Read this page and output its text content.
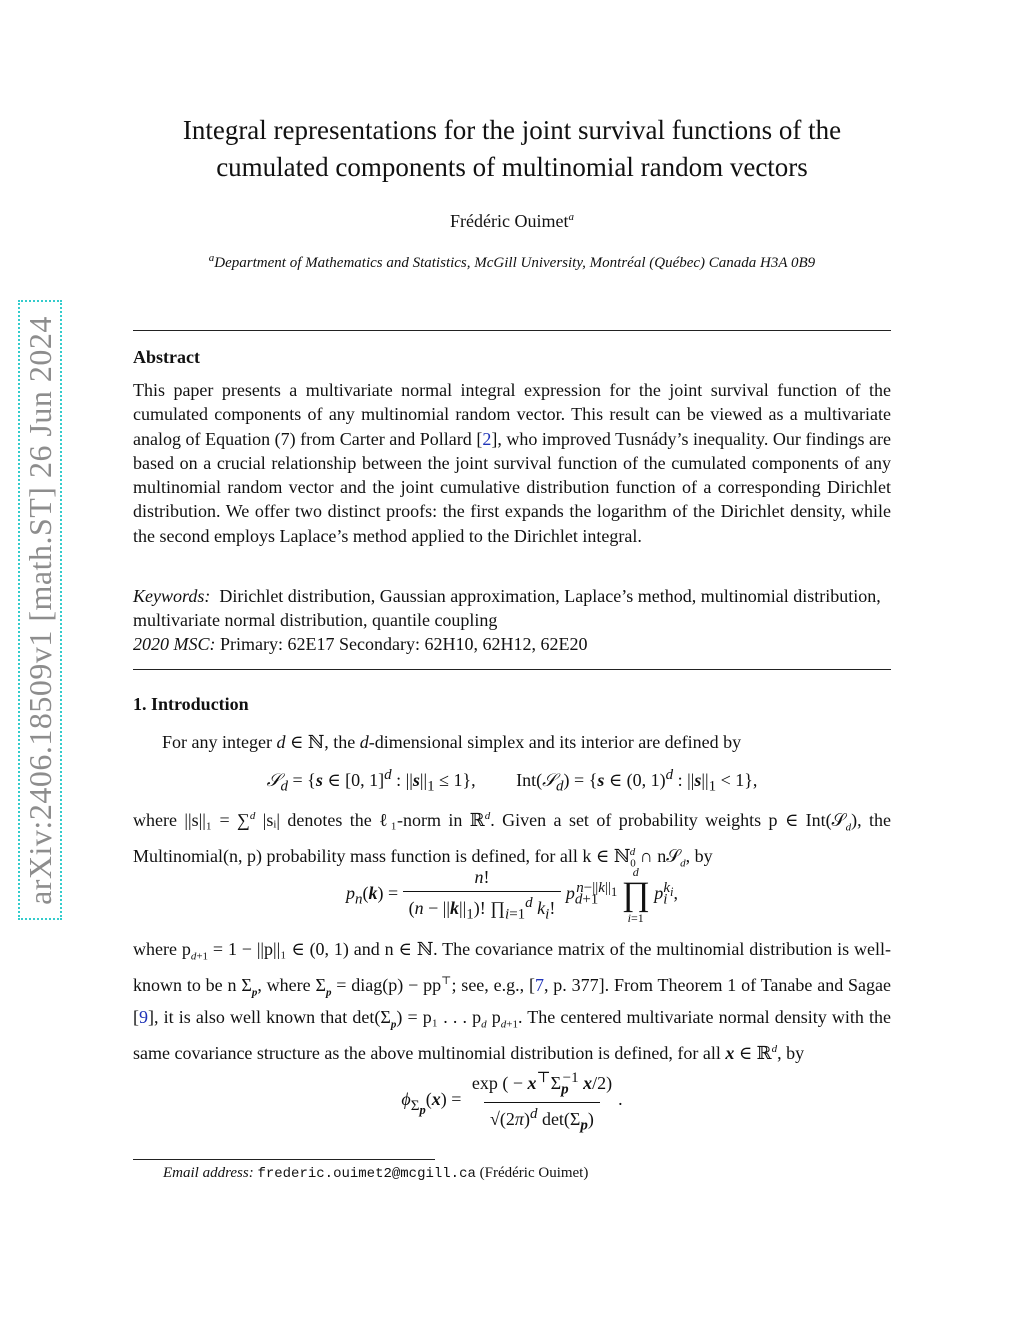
arXiv:2406.18509v1 [math.ST] 26 Jun 2024
Integral representations for the joint survival functions of the
cumulated components of multinomial random vectors
Frédéric Ouimet$^a$
$^a$Department of Mathematics and Statistics, McGill University, Montréal (Québec) Canada H3A 0B9
Abstract

This paper presents a multivariate normal integral expression for the joint survival function of the cumulated components of any multinomial random vector. This result can be viewed as a multivariate analog of Equation (7) from Carter and Pollard [2], who improved Tusnády’s inequality. Our findings are based on a crucial relationship between the joint survival function of the cumulated components of any multinomial random vector and the joint cumulative distribution function of a corresponding Dirichlet distribution. We offer two distinct proofs: the first expands the logarithm of the Dirichlet density, while the second employs Laplace’s method applied to the Dirichlet integral.

Keywords: Dirichlet distribution, Gaussian approximation, Laplace’s method, multinomial distribution, multivariate normal distribution, quantile coupling
2020 MSC: Primary: 62E17 Secondary: 62H10, 62H12, 62E20

1. Introduction

For any integer d ∈ ℕ, the d-dimensional simplex and its interior are defined by

𝒮$_d$ = {s ∈ [0, 1]$^d$ : $||s||_1 \le 1$},         Int(𝒮$_d$) = {s ∈ (0, 1)$^d$ : $||s||_1 < 1$},

where ||s||₁ = ∑$^d$ |sᵢ| denotes the ℓ₁-norm in ℝ$^d$. Given a set of probability weights p ∈ Int(𝒮$_d$), the Multinomial(n, p) probability mass function is defined, for all k ∈ ℕ$_0^d$ ∩ n𝒮$_d$, by

$p_n(k) = \frac{n!}{(n - ||k||_1)! \prod_{i=1}^d k_i!} p_{d+1}^{n-||k||_1}$
d
∏
i=1
$p_i^{k_i}$,

where $p_{d+1} = 1 - ||p||_1$ ∈ (0, 1) and n ∈ ℕ. The covariance matrix of the multinomial distribution is well-known to be n $\Sigma_p$, where $\Sigma_p$ = diag(p) − pp⊤; see, e.g., [7, p. 377]. From Theorem 1 of Tanabe and Sagae [9], it is also well known that $\det(\Sigma_p) = p_1$ . . . $p_d$ $p_{d+1}$. The centered multivariate normal density with the same covariance structure as the above multinomial distribution is defined, for all x ∈ ℝ$^d$, by

$\phi_{\Sigma_p}(x) = \frac{\exp ( - x^⊤\Sigma_p^{-1} x/2)}{√(2\pi)^d \det(\Sigma_p)}$ .
Email address: frederic.ouimet2@mcgill.ca (Frédéric Ouimet)
